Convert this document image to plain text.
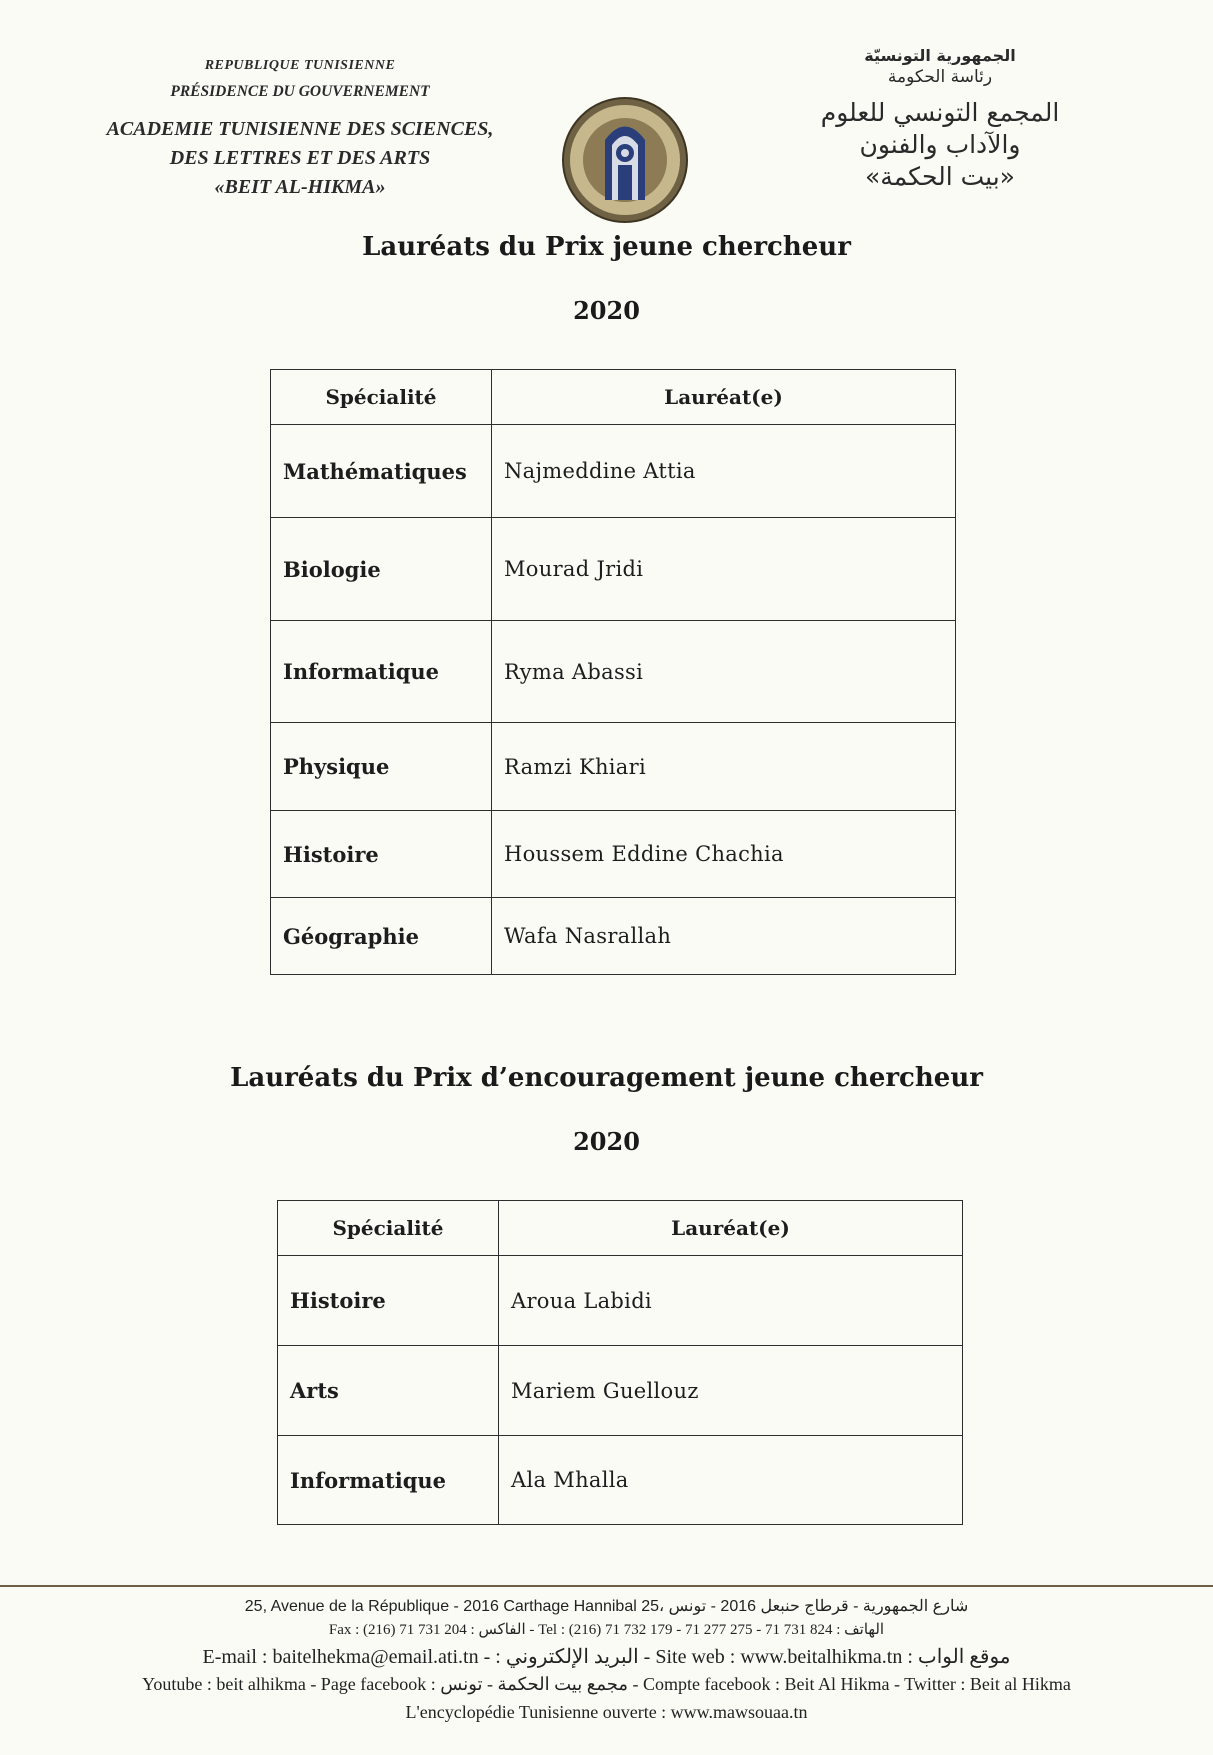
REPUBLIQUE TUNISIENNE
PRÉSIDENCE DU GOUVERNEMENT
ACADEMIE TUNISIENNE DES SCIENCES,
DES LETTRES ET DES ARTS
«BEIT AL-HIKMA»
الجمهورية التونسيّة
رئاسة الحكومة
المجمع التونسي للعلوم
والآداب والفنون
«بيت الحكمة»
Lauréats du Prix jeune chercheur
2020
Spécialité	Lauréat(e)
Mathématiques	Najmeddine Attia
Biologie	Mourad Jridi
Informatique	Ryma Abassi
Physique	Ramzi Khiari
Histoire	Houssem Eddine Chachia
Géographie	Wafa Nasrallah
Lauréats du Prix d’encouragement jeune chercheur
2020
Spécialité	Lauréat(e)
Histoire	Aroua Labidi
Arts	Mariem Guellouz
Informatique	Ala Mhalla
25, Avenue de la République - 2016 Carthage Hannibal 25، شارع الجمهورية - قرطاج حنبعل 2016 - تونس
Fax : (216) 71 731 204 : الفاكس - Tel : (216) 71 732 179 - 71 277 275 - 71 731 824 : الهاتف
E-mail : baitelhekma@email.ati.tn - : البريد الإلكتروني - Site web : www.beitalhikma.tn : موقع الواب
Youtube : beit alhikma - Page facebook : مجمع بيت الحكمة - تونس - Compte facebook : Beit Al Hikma - Twitter : Beit al Hikma
L'encyclopédie Tunisienne ouverte : www.mawsouaa.tn
